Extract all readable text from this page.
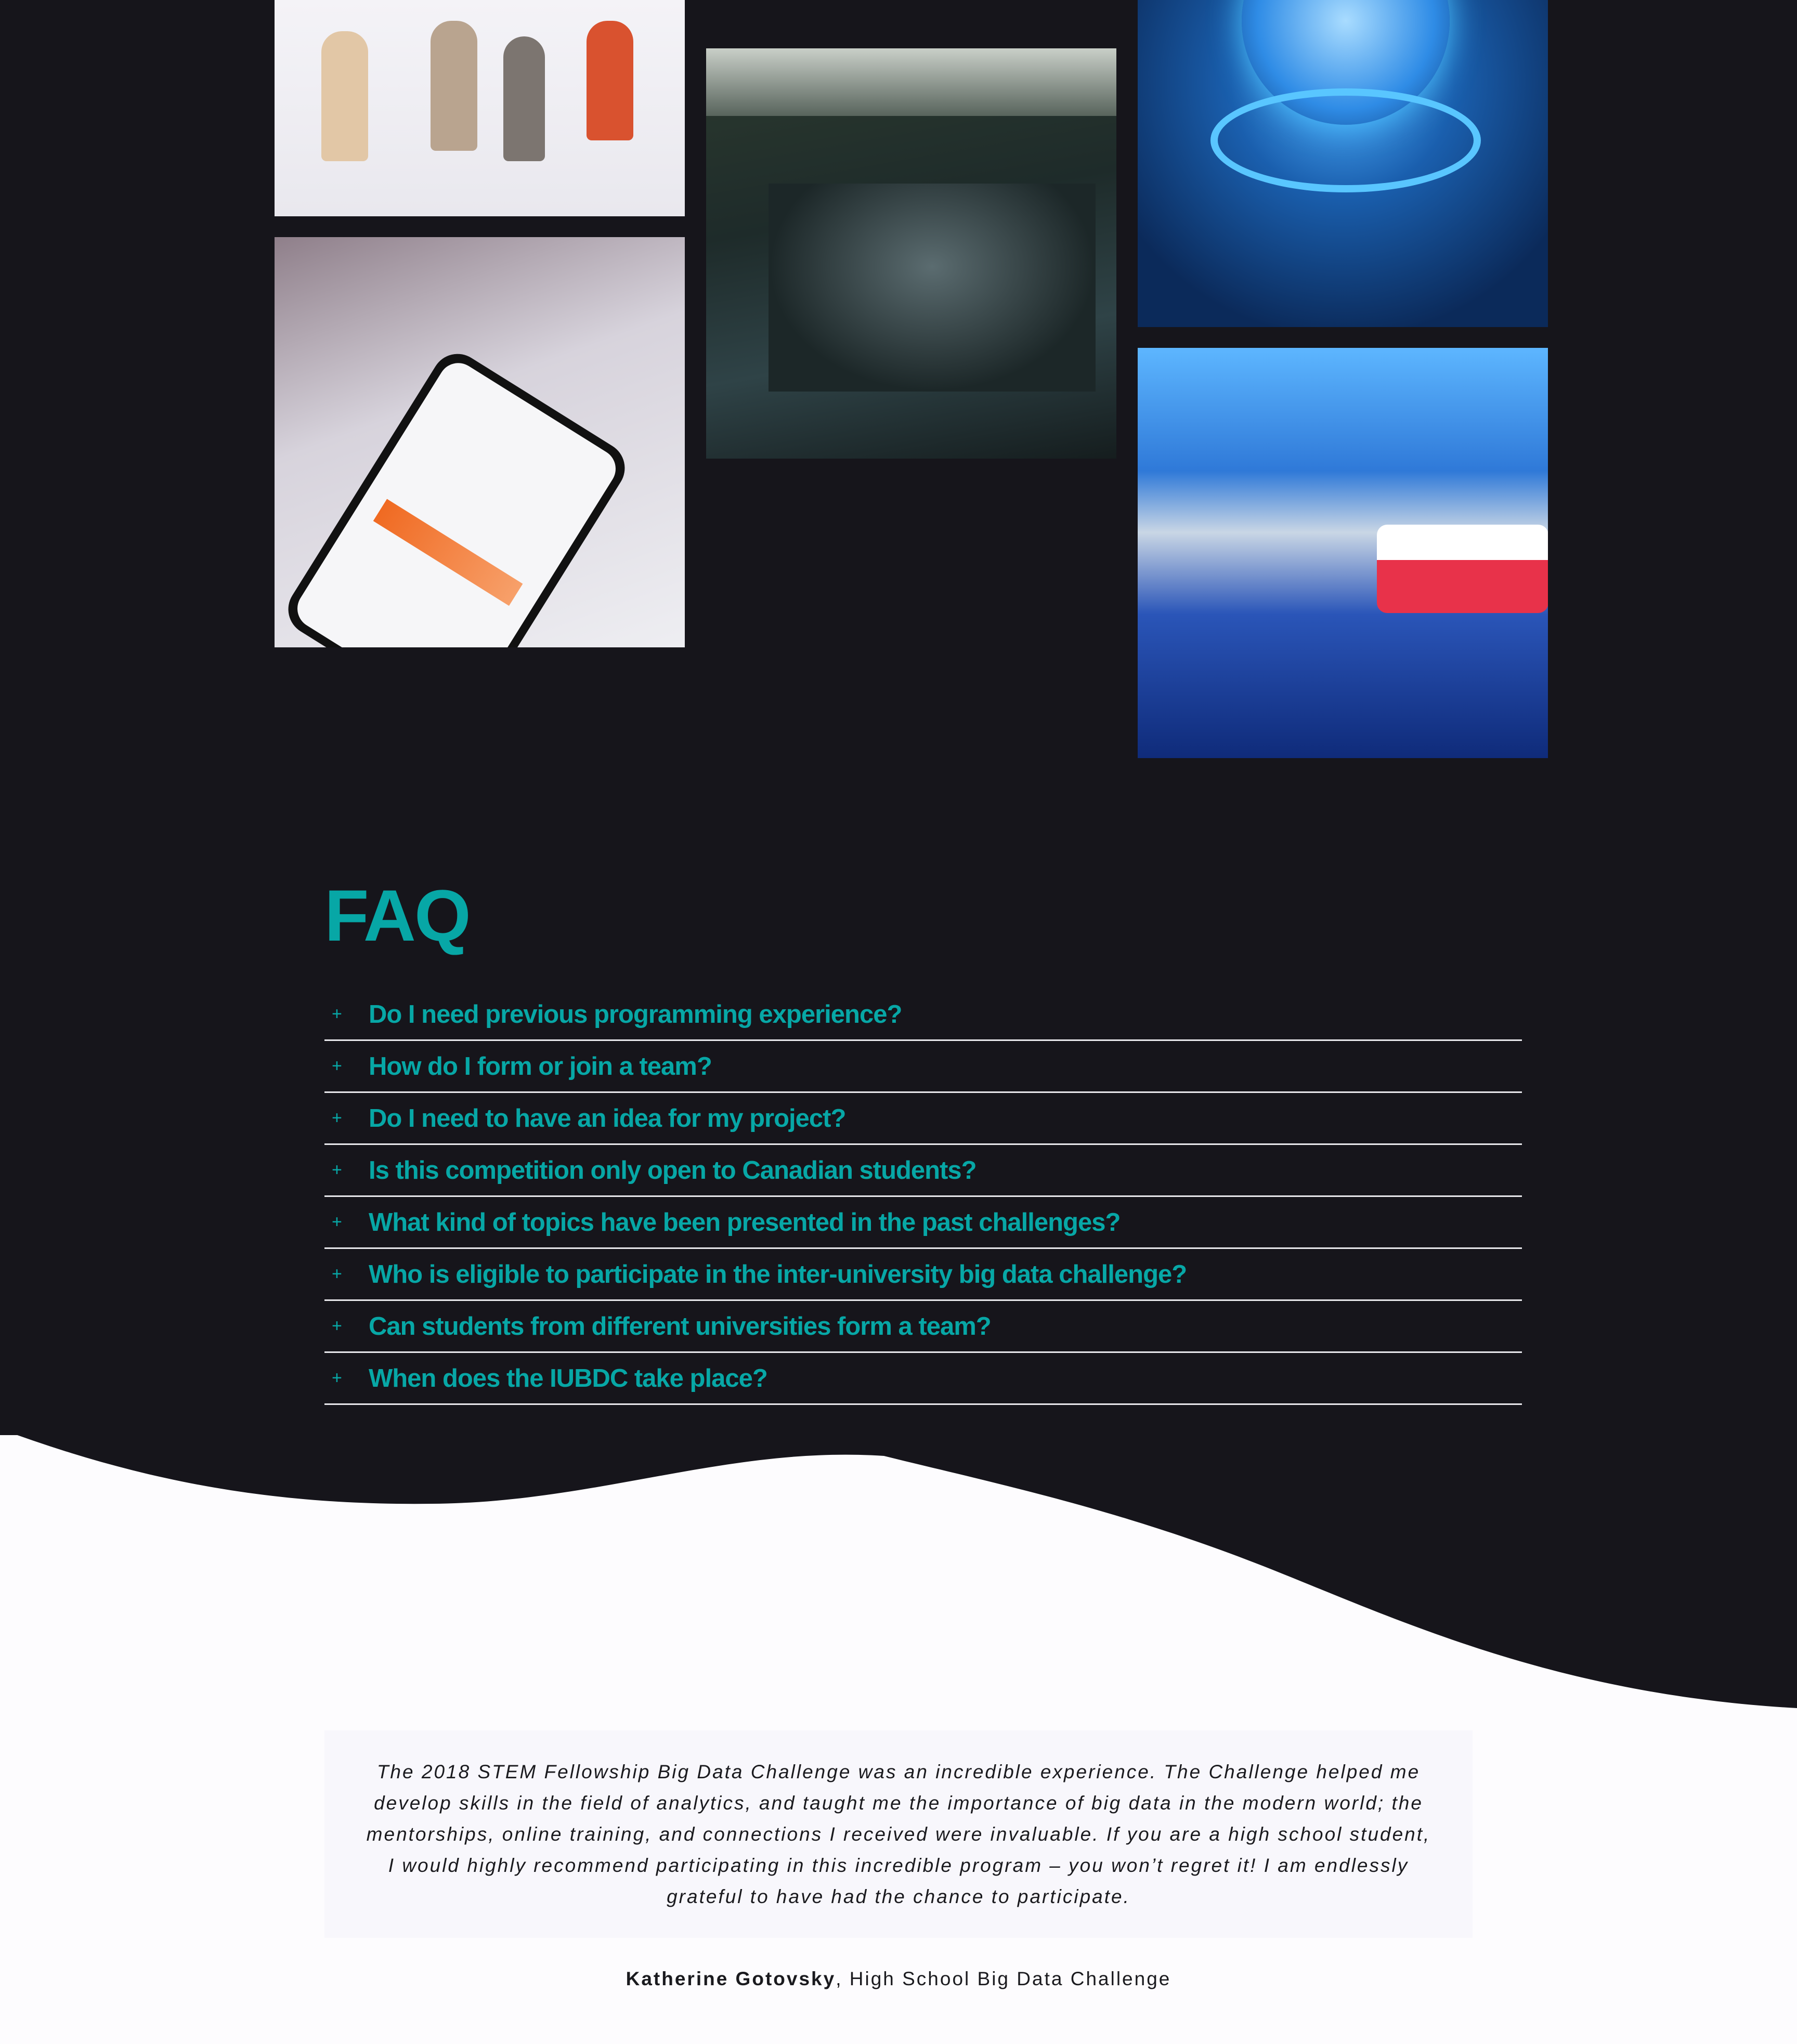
FAQ
+	Do I need previous programming experience?
+	How do I form or join a team?
+	Do I need to have an idea for my project?
+	Is this competition only open to Canadian students?
+	What kind of topics have been presented in the past challenges?
+	Who is eligible to participate in the inter-university big data challenge?
+	Can students from different universities form a team?
+	When does the IUBDC take place?

The 2018 STEM Fellowship Big Data Challenge was an incredible experience. The Challenge helped me develop skills in the field of analytics, and taught me the importance of big data in the modern world; the mentorships, online training, and connections I received were invaluable. If you are a high school student, I would highly recommend participating in this incredible program – you won’t regret it! I am endlessly grateful to have had the chance to participate.

Katherine Gotovsky, High School Big Data Challenge
